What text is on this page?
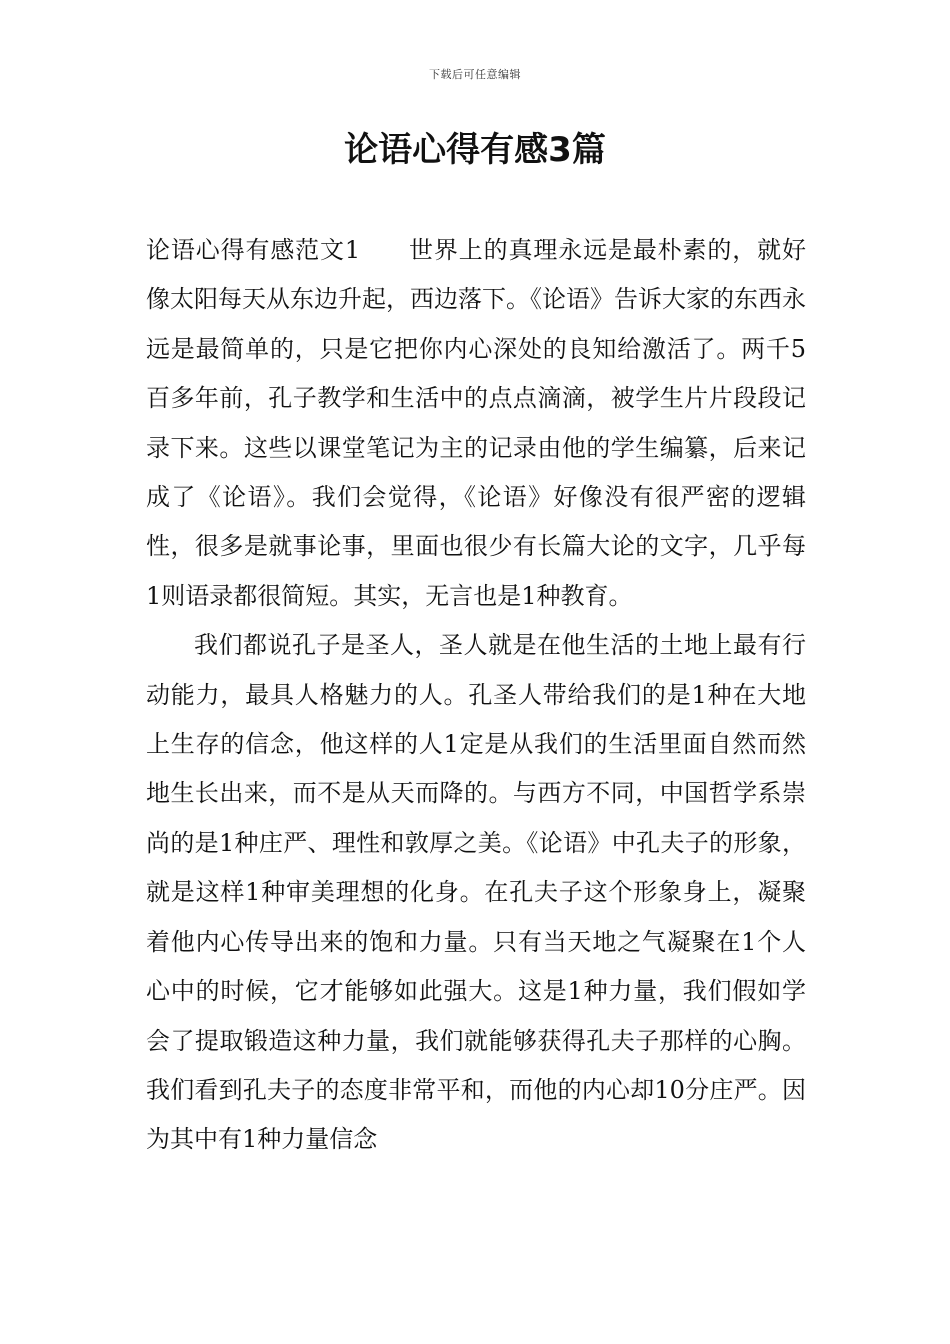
下载后可任意编辑
论语心得有感3篇

论语心得有感范文1 世界上的真理永远是最朴素的，就好像太阳每天从东边升起，西边落下。《论语》告诉大家的东西永远是最简单的，只是它把你内心深处的良知给激活了。两千5百多年前，孔子教学和生活中的点点滴滴，被学生片片段段记录下来。这些以课堂笔记为主的记录由他的学生编纂，后来记成了《论语》。我们会觉得，《论语》好像没有很严密的逻辑性，很多是就事论事，里面也很少有长篇大论的文字，几乎每1则语录都很简短。其实，无言也是1种教育。

我们都说孔子是圣人，圣人就是在他生活的土地上最有行动能力，最具人格魅力的人。孔圣人带给我们的是1种在大地上生存的信念，他这样的人1定是从我们的生活里面自然而然地生长出来，而不是从天而降的。与西方不同，中国哲学系崇尚的是1种庄严、理性和敦厚之美。《论语》中孔夫子的形象，就是这样1种审美理想的化身。在孔夫子这个形象身上，凝聚着他内心传导出来的饱和力量。只有当天地之气凝聚在1个人心中的时候，它才能够如此强大。这是1种力量，我们假如学会了提取锻造这种力量，我们就能够获得孔夫子那样的心胸。我们看到孔夫子的态度非常平和，而他的内心却10分庄严。因为其中有1种力量信念
